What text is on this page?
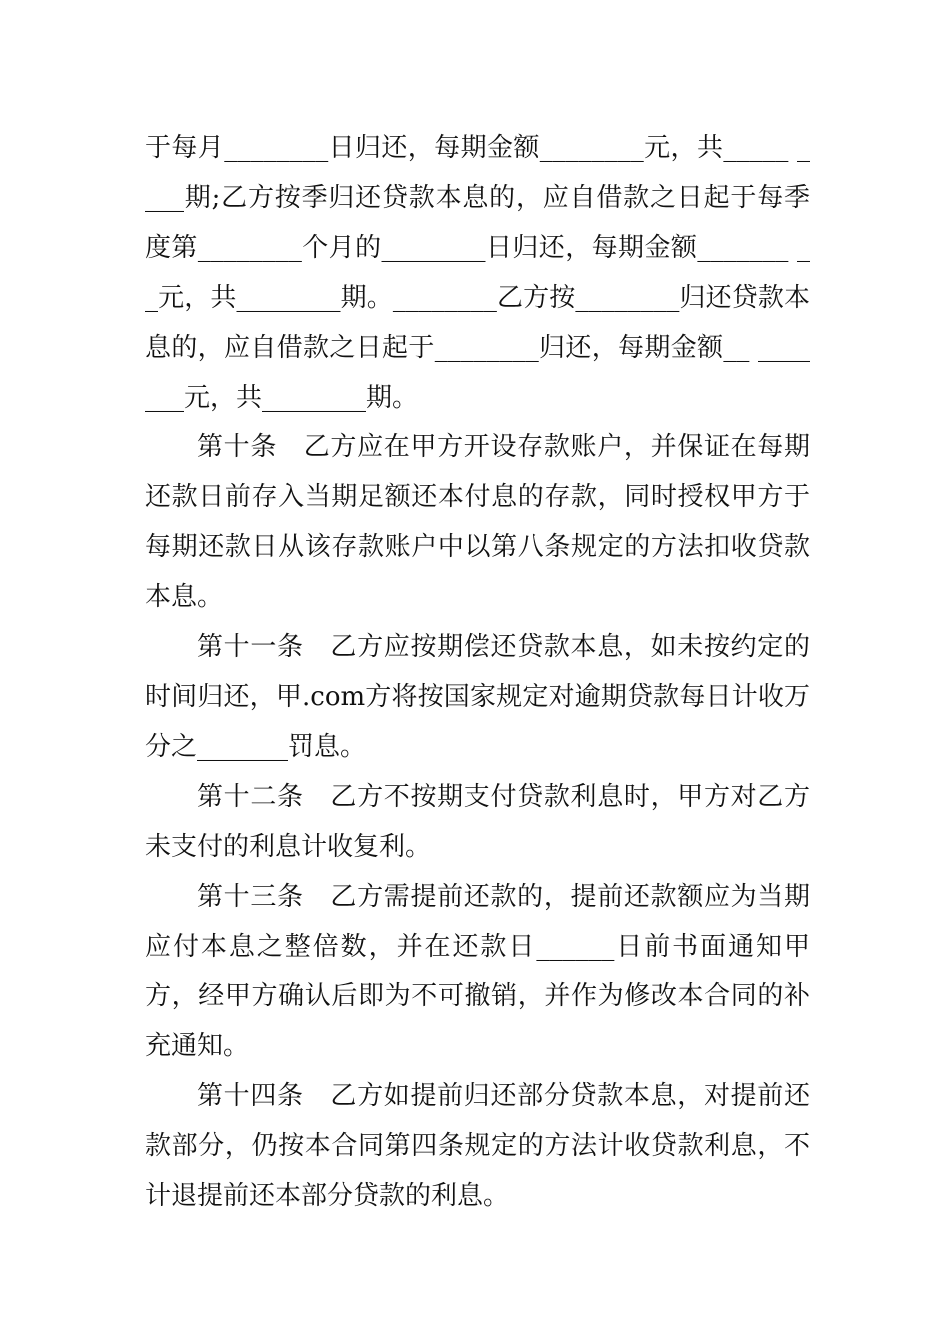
于每月________日归还，每期金额________元，共_____ ____期;乙方按季归还贷款本息的，应自借款之日起于每季度第________个月的________日归还，每期金额_______ __元，共________期。________乙方按________归还贷款本息的，应自借款之日起于________归还，每期金额__ _______元，共________期。

第十条　乙方应在甲方开设存款账户，并保证在每期还款日前存入当期足额还本付息的存款，同时授权甲方于每期还款日从该存款账户中以第八条规定的方法扣收贷款本息。

第十一条　乙方应按期偿还贷款本息，如未按约定的时间归还，甲.com方将按国家规定对逾期贷款每日计收万分之_______罚息。

第十二条　乙方不按期支付贷款利息时，甲方对乙方未支付的利息计收复利。

第十三条　乙方需提前还款的，提前还款额应为当期应付本息之整倍数，并在还款日______日前书面通知甲方，经甲方确认后即为不可撤销，并作为修改本合同的补充通知。

第十四条　乙方如提前归还部分贷款本息，对提前还款部分，仍按本合同第四条规定的方法计收贷款利息，不计退提前还本部分贷款的利息。
